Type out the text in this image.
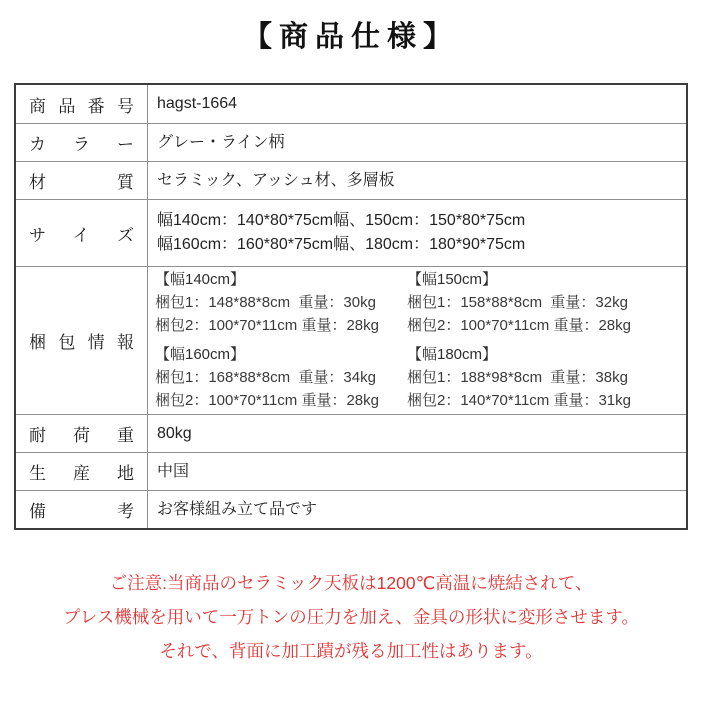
【商品仕様】
商品番号 hagst-1664
カラー グレー・ライン柄
材質 セラミック、アッシュ材、多層板
サイズ
幅140cm：140*80*75cm幅、150cm：150*80*75cm
幅160cm：160*80*75cm幅、180cm：180*90*75cm
梱包情報
【幅140cm】
梱包1：148*88*8cm  重量：30kg
梱包2：100*70*11cm 重量：28kg
【幅150cm】
梱包1：158*88*8cm  重量：32kg
梱包2：100*70*11cm 重量：28kg
【幅160cm】
梱包1：168*88*8cm  重量：34kg
梱包2：100*70*11cm 重量：28kg
【幅180cm】
梱包1：188*98*8cm  重量：38kg
梱包2：140*70*11cm 重量：31kg
耐荷重 80kg
生産地 中国
備考 お客様組み立て品です
ご注意:当商品のセラミック天板は1200℃高温に焼結されて、
プレス機械を用いて一万トンの圧力を加え、金具の形状に変形させます。
それで、背面に加工蹟が残る加工性はあります。
